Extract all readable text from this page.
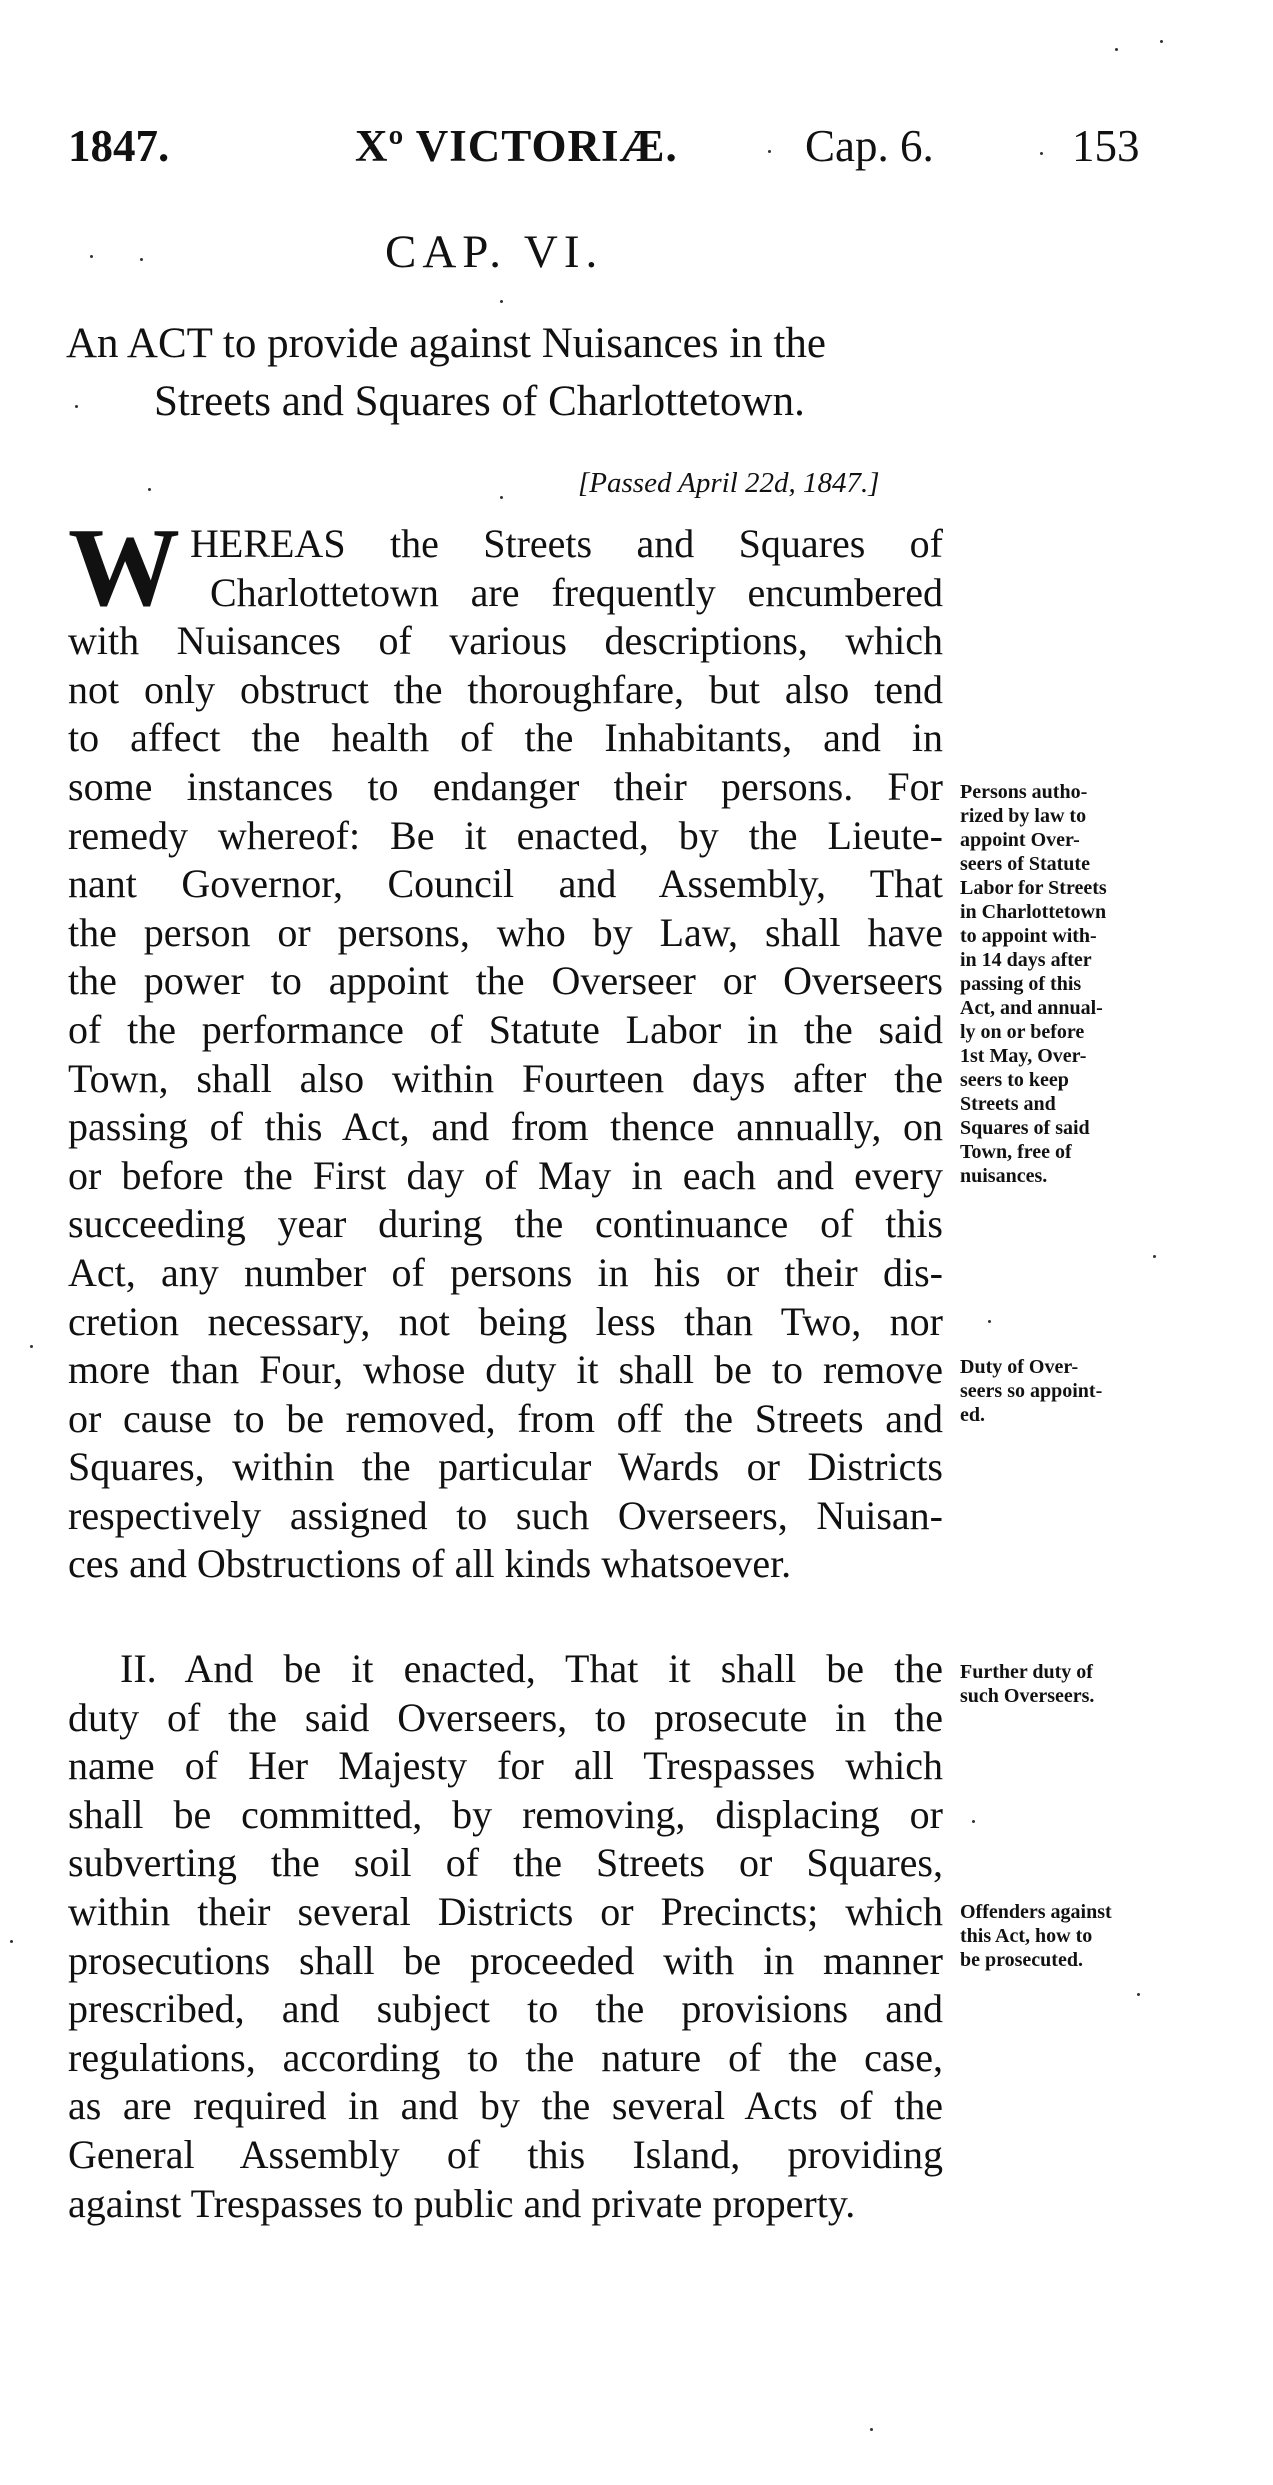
1847.	Xº VICTORIÆ.	Cap. 6.	153
CAP. VI.
An ACT to provide against Nuisances in the
Streets and Squares of Charlottetown.
[Passed April 22d, 1847.]
W HEREAS the Streets and Squares of
Charlottetown are frequently encumbered
with Nuisances of various descriptions, which
not only obstruct the thoroughfare, but also tend
to affect the health of the Inhabitants, and in
some instances to endanger their persons. For
remedy whereof: Be it enacted, by the Lieute-
nant Governor, Council and Assembly, That
the person or persons, who by Law, shall have
the power to appoint the Overseer or Overseers
of the performance of Statute Labor in the said
Town, shall also within Fourteen days after the
passing of this Act, and from thence annually, on
or before the First day of May in each and every
succeeding year during the continuance of this
Act, any number of persons in his or their dis-
cretion necessary, not being less than Two, nor
more than Four, whose duty it shall be to remove
or cause to be removed, from off the Streets and
Squares, within the particular Wards or Districts
respectively assigned to such Overseers, Nuisan-
ces and Obstructions of all kinds whatsoever.
II. And be it enacted, That it shall be the
duty of the said Overseers, to prosecute in the
name of Her Majesty for all Trespasses which
shall be committed, by removing, displacing or
subverting the soil of the Streets or Squares,
within their several Districts or Precincts; which
prosecutions shall be proceeded with in manner
prescribed, and subject to the provisions and
regulations, according to the nature of the case,
as are required in and by the several Acts of the
General Assembly of this Island, providing
against Trespasses to public and private property.
Persons autho-
rized by law to
appoint Over-
seers of Statute
Labor for Streets
in Charlottetown
to appoint with-
in 14 days after
passing of this
Act, and annual-
ly on or before
1st May, Over-
seers to keep
Streets and
Squares of said
Town, free of
nuisances.
Duty of Over-
seers so appoint-
ed.
Further duty of
such Overseers.
Offenders against
this Act, how to
be prosecuted.
